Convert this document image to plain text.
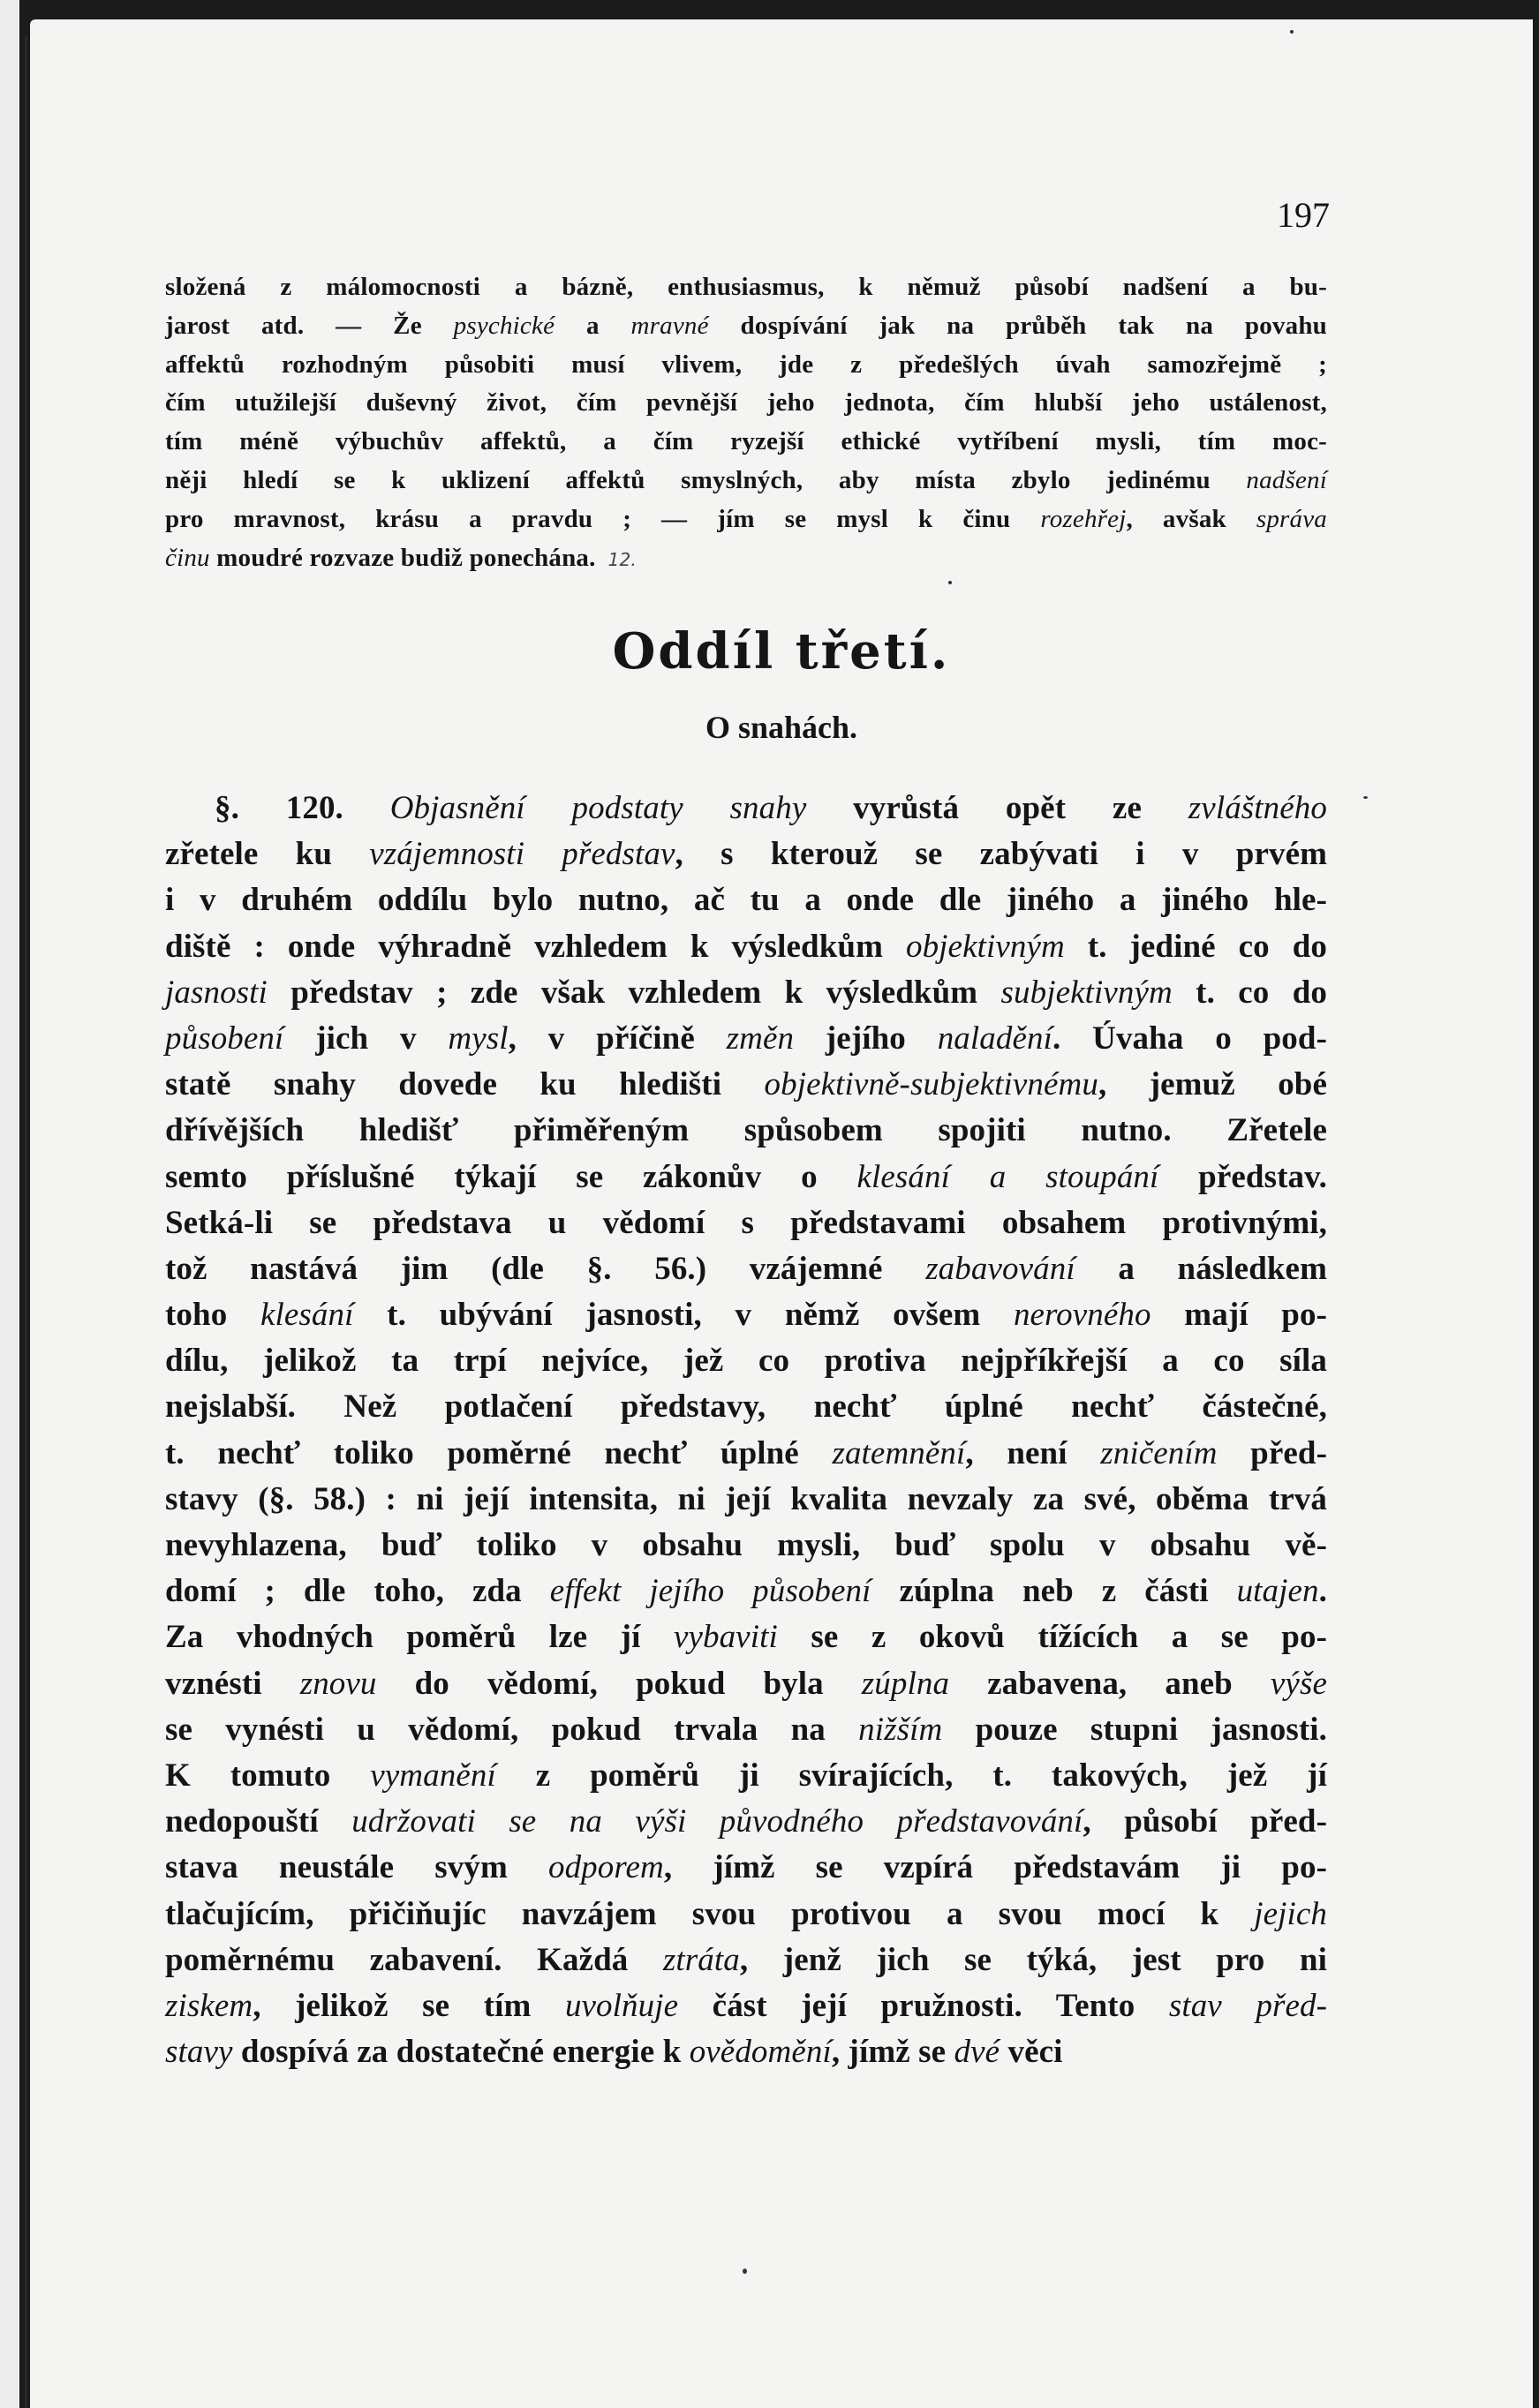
197
složená z málomocnosti a bázně, enthusiasmus, k němuž působí nadšení a bu-
jarost atd. — Že psychické a mravné dospívání jak na průběh tak na povahu
affektů rozhodným působiti musí vlivem, jde z předešlých úvah samozřejmě ;
čím utužilejší duševný život, čím pevnější jeho jednota, čím hlubší jeho ustálenost,
tím méně výbuchův affektů, a čím ryzejší ethické vytříbení mysli, tím moc-
něji hledí se k uklizení affektů smyslných, aby místa zbylo jedinému nadšení
pro mravnost, krásu a pravdu ; — jím se mysl k činu rozehřej, avšak správa
činu moudré rozvaze budiž ponechána. 12.
Oddíl třetí.
O snahách.
§. 120. Objasnění podstaty snahy vyrůstá opět ze zvláštného
zřetele ku vzájemnosti představ, s kterouž se zabývati i v prvém
i v druhém oddílu bylo nutno, ač tu a onde dle jiného a jiného hle-
diště : onde výhradně vzhledem k výsledkům objektivným t. jediné co do
jasnosti představ ; zde však vzhledem k výsledkům subjektivným t. co do
působení jich v mysl, v příčině změn jejího naladění. Úvaha o pod-
statě snahy dovede ku hledišti objektivně-subjektivnému, jemuž obé
dřívějších hledišť přiměřeným spůsobem spojiti nutno. Zřetele
semto příslušné týkají se zákonův o klesání a stoupání představ.
Setká-li se představa u vědomí s představami obsahem protivnými,
tož nastává jim (dle §. 56.) vzájemné zabavování a následkem
toho klesání t. ubývání jasnosti, v němž ovšem nerovného mají po-
dílu, jelikož ta trpí nejvíce, jež co protiva nejpříkřejší a co síla
nejslabší. Než potlačení představy, nechť úplné nechť částečné,
t. nechť toliko poměrné nechť úplné zatemnění, není zničením před-
stavy (§. 58.) : ni její intensita, ni její kvalita nevzaly za své, oběma trvá
nevyhlazena, buď toliko v obsahu mysli, buď spolu v obsahu vě-
domí ; dle toho, zda effekt jejího působení zúplna neb z části utajen.
Za vhodných poměrů lze jí vybaviti se z okovů tížících a se po-
vznésti znovu do vědomí, pokud byla zúplna zabavena, aneb výše
se vynésti u vědomí, pokud trvala na nižším pouze stupni jasnosti.
K tomuto vymanění z poměrů ji svírajících, t. takových, jež jí
nedopouští udržovati se na výši původného představování, působí před-
stava neustále svým odporem, jímž se vzpírá představám ji po-
tlačujícím, přičiňujíc navzájem svou protivou a svou mocí k jejich
poměrnému zabavení. Každá ztráta, jenž jich se týká, jest pro ni
ziskem, jelikož se tím uvolňuje část její pružnosti. Tento stav před-
stavy dospívá za dostatečné energie k ovědomění, jímž se dvé věci
